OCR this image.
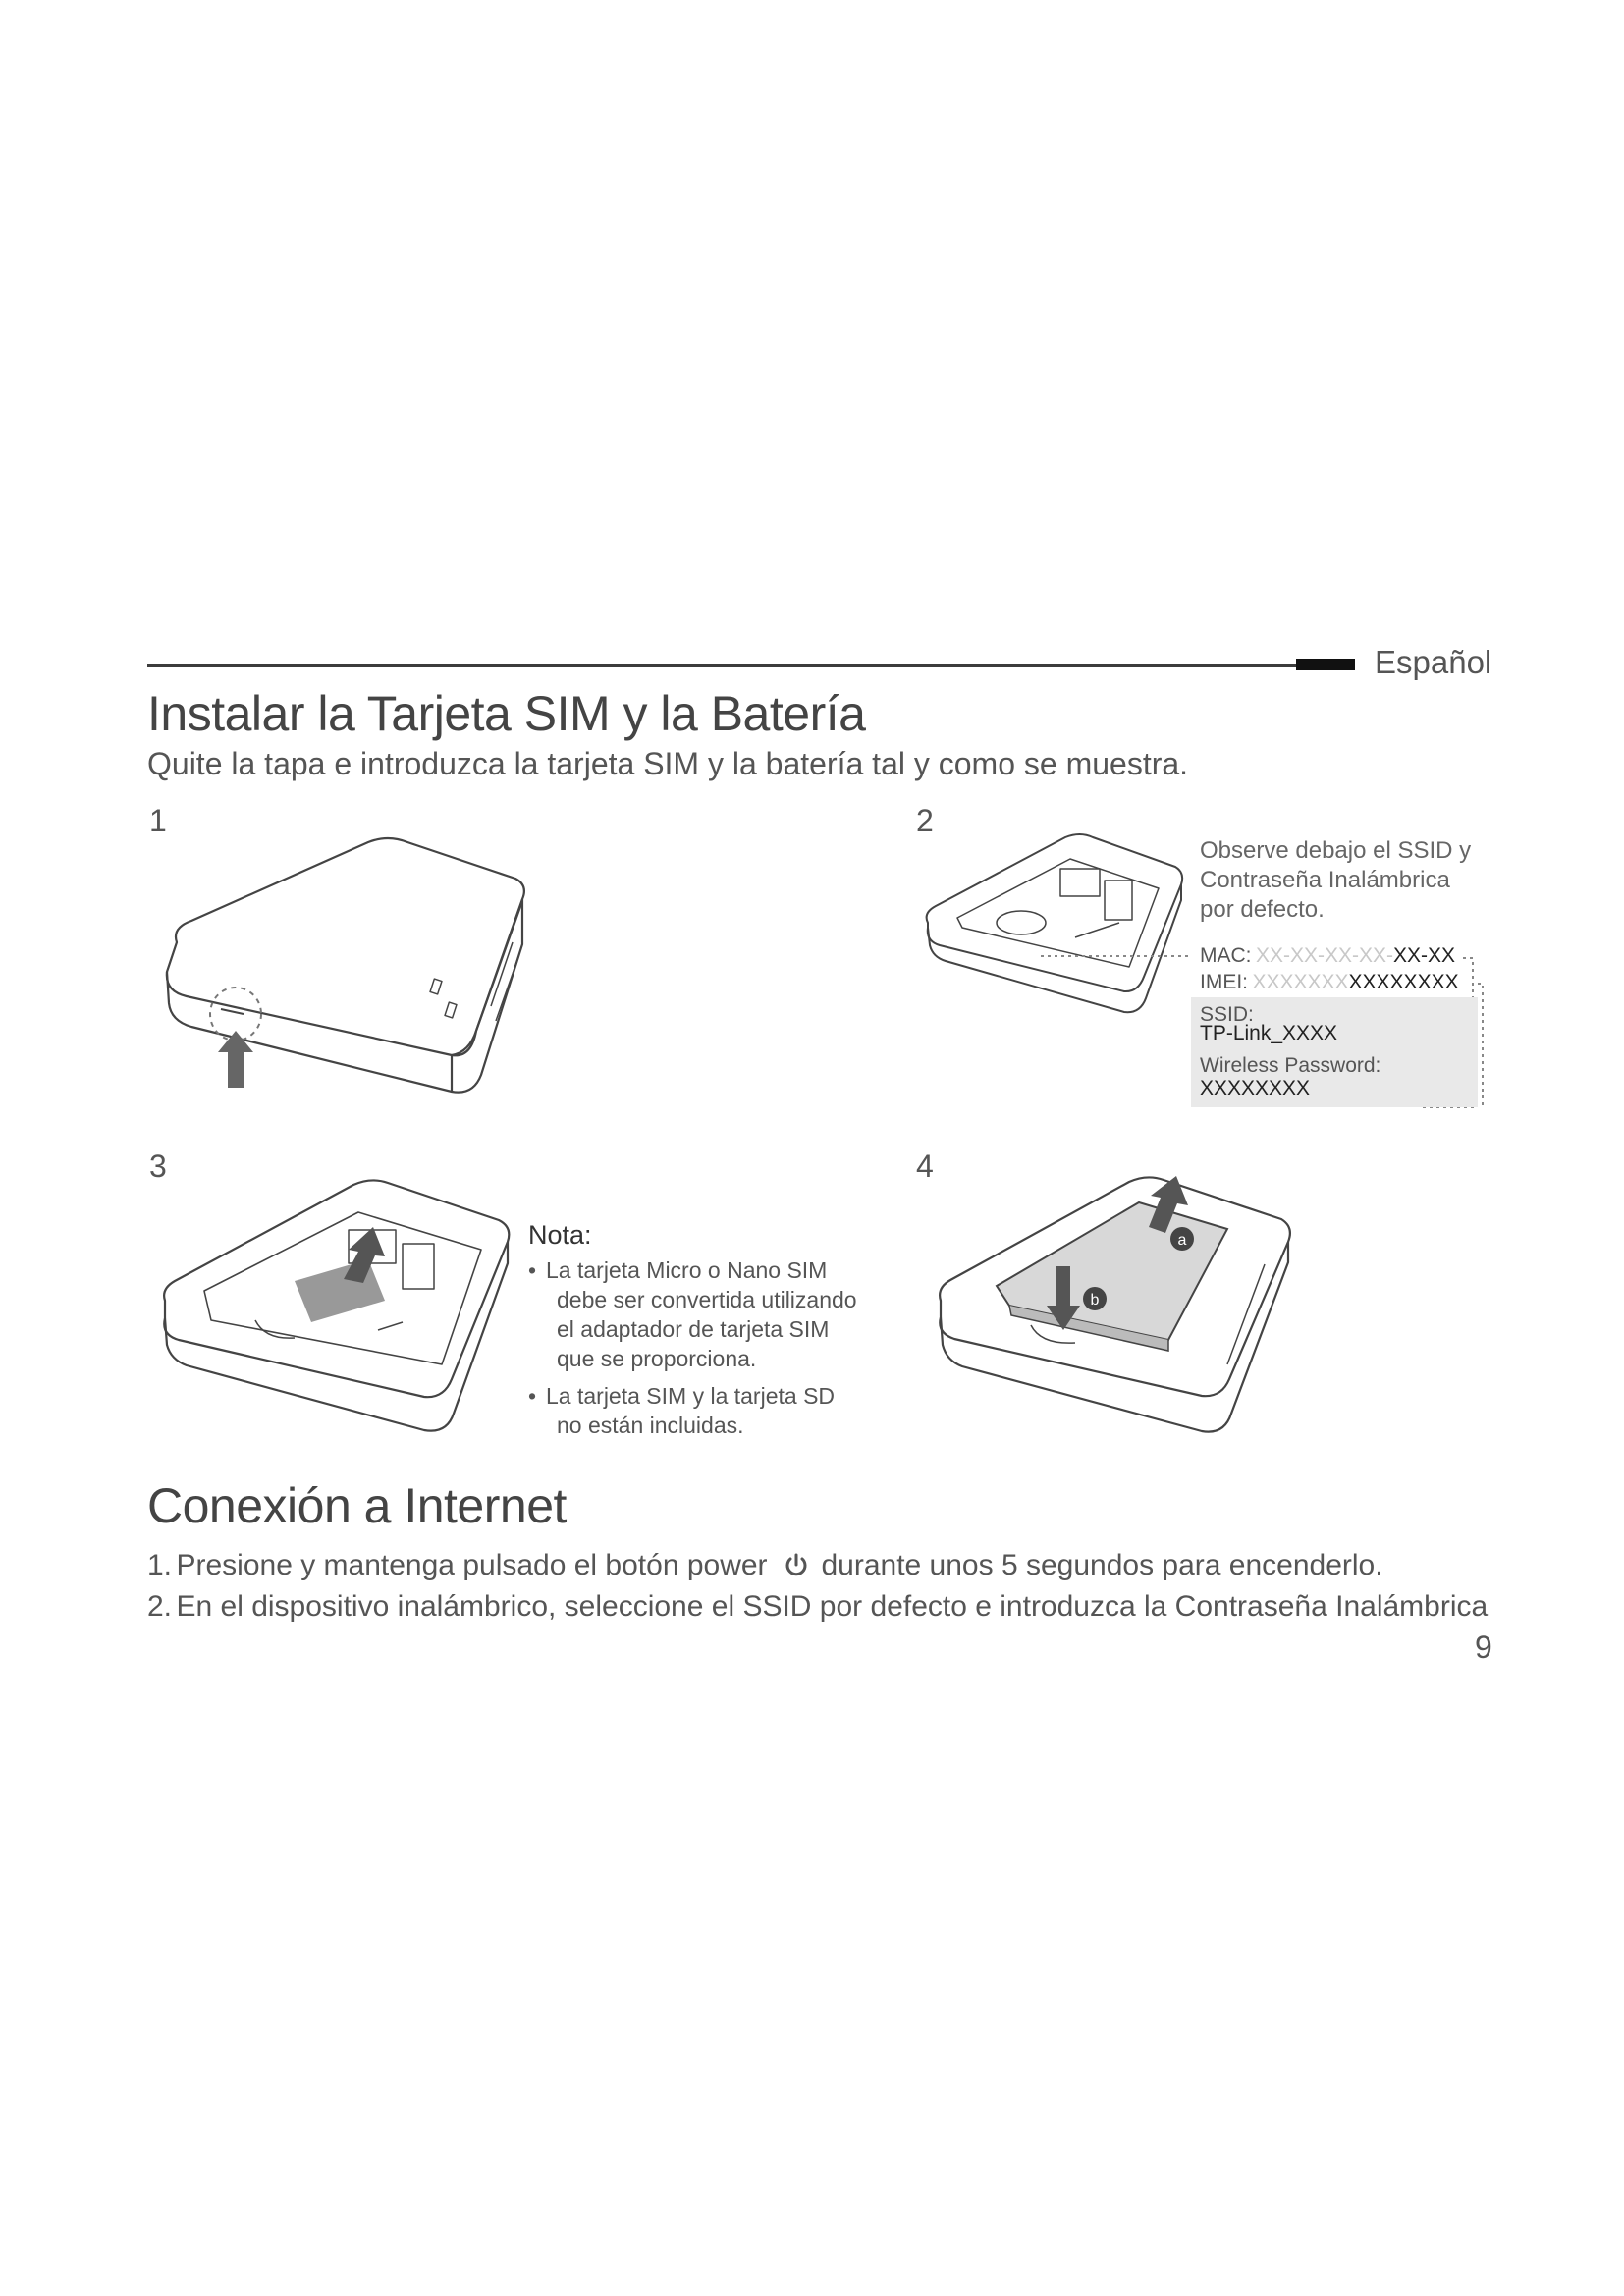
Español
Instalar la Tarjeta SIM y la Batería
Quite la tapa e introduzca la tarjeta SIM y la batería tal y como se muestra.
1	2
3	4
Observe debajo el SSID y
Contraseña Inalámbrica
por defecto.
MAC: XX-XX-XX-XX-XX-XX
IMEI: XXXXXXXXXXXXXXX
SSID:
TP-Link_XXXX
Wireless Password:
XXXXXXXX
Nota:
• La tarjeta Micro o Nano SIM
debe ser convertida utilizando
el adaptador de tarjeta SIM
que se proporciona.
• La tarjeta SIM y la tarjeta SD
no están incluidas.
a
b
Conexión a Internet
1. Presione y mantenga pulsado el botón power durante unos 5 segundos para encenderlo.
2. En el dispositivo inalámbrico, seleccione el SSID por defecto e introduzca la Contraseña Inalámbrica
9
